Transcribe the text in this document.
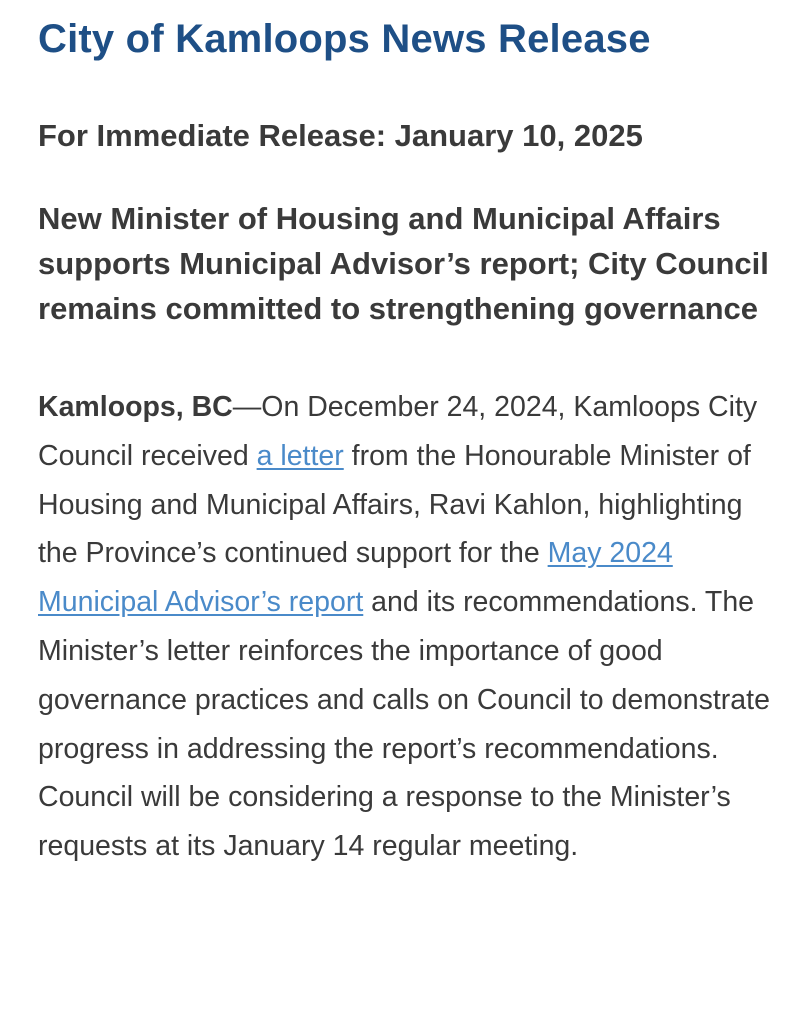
City of Kamloops News Release
For Immediate Release: January 10, 2025
New Minister of Housing and Municipal Affairs supports Municipal Advisor’s report; City Council remains committed to strengthening governance

Kamloops, BC—On December 24, 2024, Kamloops City Council received a letter from the Honourable Minister of Housing and Municipal Affairs, Ravi Kahlon, highlighting the Province’s continued support for the May 2024 Municipal Advisor’s report and its recommendations. The Minister’s letter reinforces the importance of good governance practices and calls on Council to demonstrate progress in addressing the report’s recommendations. Council will be considering a response to the Minister’s requests at its January 14 regular meeting.
